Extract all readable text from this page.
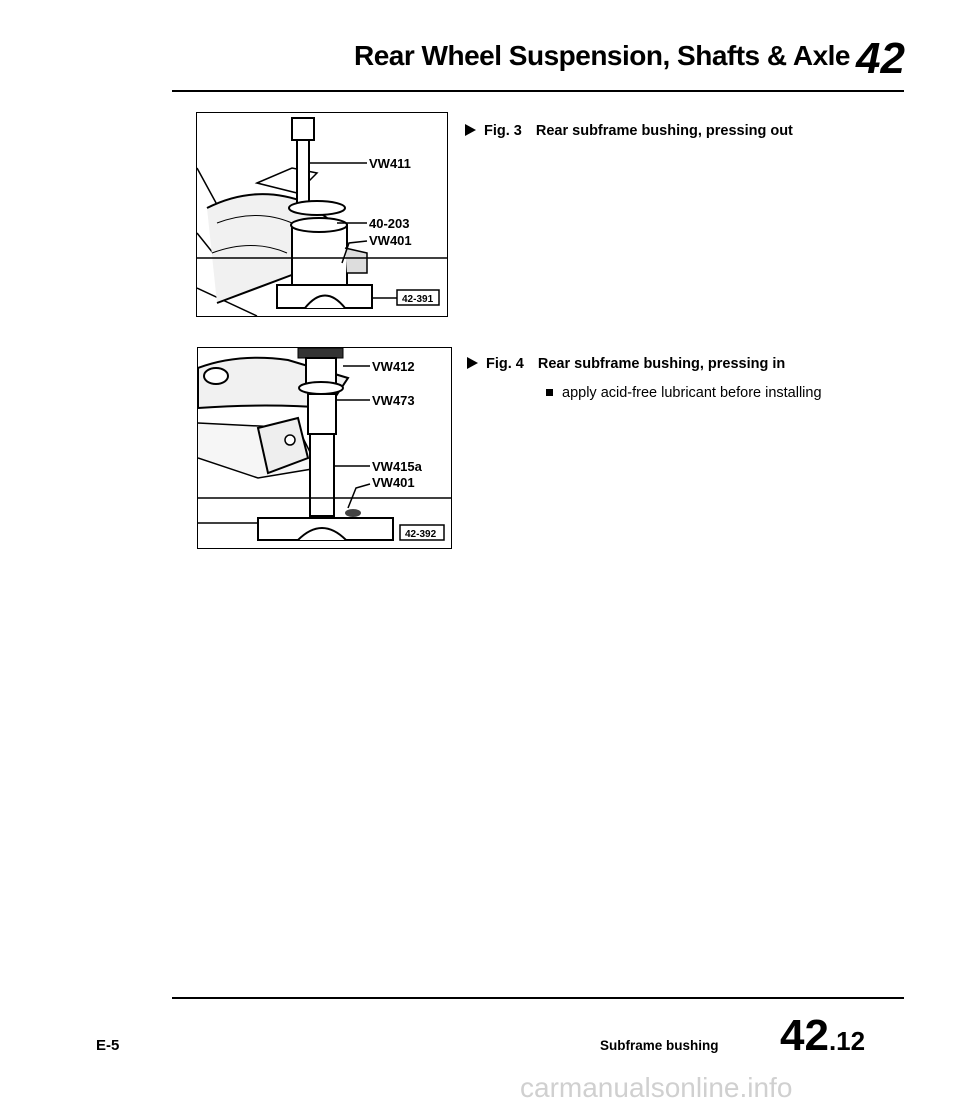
Rear Wheel Suspension, Shafts & Axle 42
VW411
40-203
VW401
42-391
Fig. 3 Rear subframe bushing, pressing out
VW412
VW473
VW415a
VW401
42-392
Fig. 4 Rear subframe bushing, pressing in
apply acid-free lubricant before installing
E-5	Subframe bushing 42.12
carmanualsonline.info
